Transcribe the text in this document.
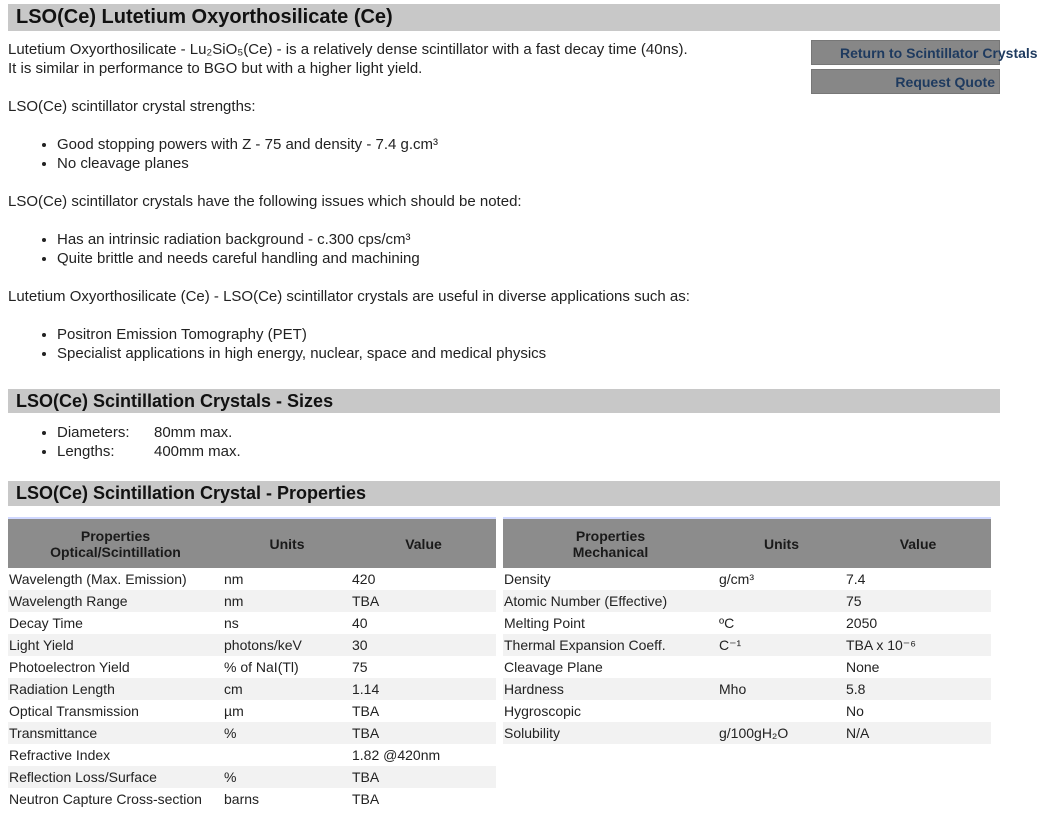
LSO(Ce) Lutetium Oxyorthosilicate (Ce)
Return to Scintillator Crystals
Request Quote

Lutetium Oxyorthosilicate - Lu₂SiO₅(Ce) - is a relatively dense scintillator with a fast decay time (40ns).

It is similar in performance to BGO but with a higher light yield.

LSO(Ce) scintillator crystal strengths:

• Good stopping powers with Z - 75 and density - 7.4 g.cm³
• No cleavage planes

LSO(Ce) scintillator crystals have the following issues which should be noted:

• Has an intrinsic radiation background - c.300 cps/cm³
• Quite brittle and needs careful handling and machining

Lutetium Oxyorthosilicate (Ce) - LSO(Ce) scintillator crystals are useful in diverse applications such as:

• Positron Emission Tomography (PET)
• Specialist applications in high energy, nuclear, space and medical physics
LSO(Ce) Scintillation Crystals - Sizes
• Diameters: 80mm max.
• Lengths:	400mm max.
LSO(Ce) Scintillation Crystal - Properties
Properties
Optical/Scintillation	Units	Value
Wavelength (Max. Emission)	nm	420
Wavelength Range	nm	TBA
Decay Time	ns	40
Light Yield	photons/keV	30
Photoelectron Yield	% of NaI(Tl)	75
Radiation Length	cm	1.14
Optical Transmission	µm	TBA
Transmittance	%	TBA
Refractive Index		1.82 @420nm
Reflection Loss/Surface	%	TBA
Neutron Capture Cross-section	barns	TBA
Properties
Mechanical	Units	Value
Density	g/cm³	7.4
Atomic Number (Effective)		75
Melting Point	ºC	2050
Thermal Expansion Coeff.	C⁻¹	TBA x 10⁻⁶
Cleavage Plane		None
Hardness	Mho	5.8
Hygroscopic		No
Solubility	g/100gH₂O	N/A
